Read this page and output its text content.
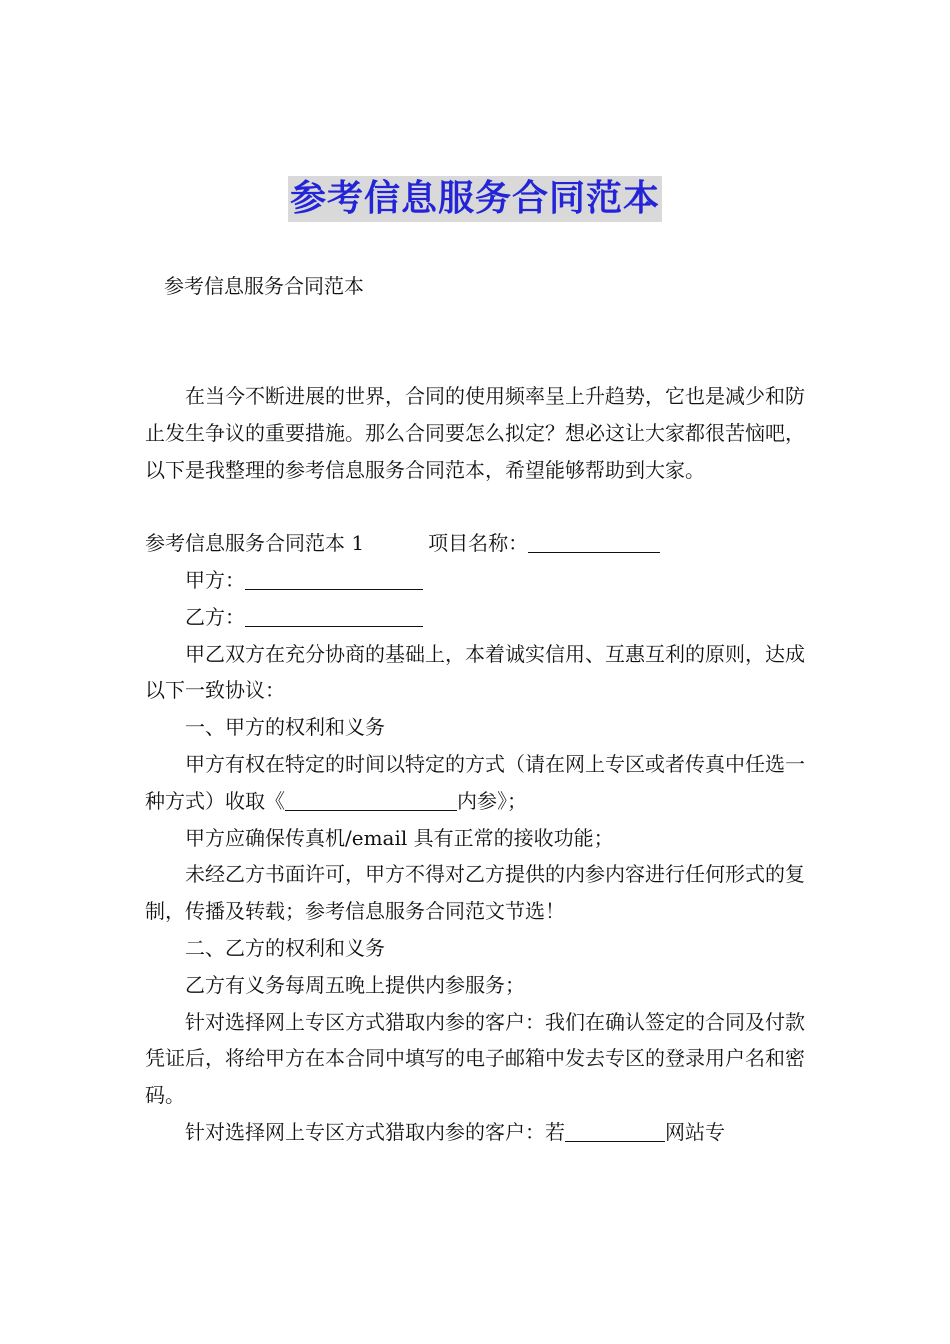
参考信息服务合同范本
参考信息服务合同范本

在当今不断进展的世界，合同的使用频率呈上升趋势，它也是减少和防止发生争议的重要措施。那么合同要怎么拟定？想必这让大家都很苦恼吧，以下是我整理的参考信息服务合同范本，希望能够帮助到大家。

参考信息服务合同范本 1	项目名称：

甲方：

乙方：

甲乙双方在充分协商的基础上，本着诚实信用、互惠互利的原则，达成以下一致协议：

一、甲方的权利和义务

甲方有权在特定的时间以特定的方式（请在网上专区或者传真中任选一种方式）收取《	内参》；

甲方应确保传真机/email 具有正常的接收功能；

未经乙方书面许可，甲方不得对乙方提供的内参内容进行任何形式的复制，传播及转载；参考信息服务合同范文节选！

二、乙方的权利和义务

乙方有义务每周五晚上提供内参服务；

针对选择网上专区方式猎取内参的客户：我们在确认签定的合同及付款凭证后，将给甲方在本合同中填写的电子邮箱中发去专区的登录用户名和密码。

针对选择网上专区方式猎取内参的客户：若	网站专
